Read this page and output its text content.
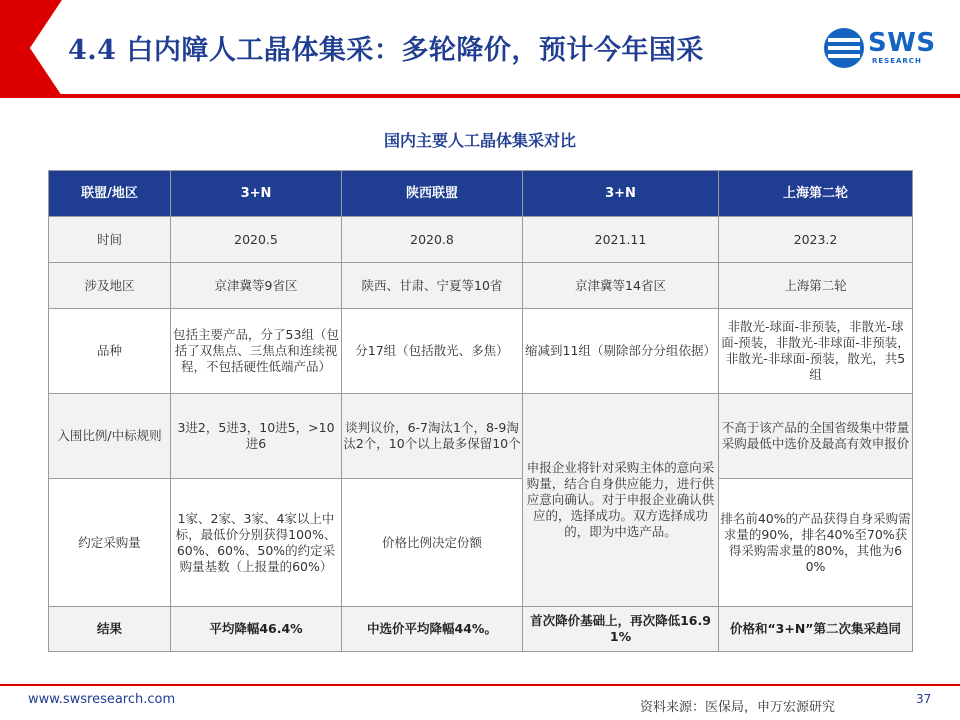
4.4 白内障人工晶体集采：多轮降价，预计今年国采	SWS
RESEARCH
国内主要人工晶体集采对比
联盟/地区	3+N	陕西联盟	3+N	上海第二轮
时间	2020.5	2020.8	2021.11	2023.2
涉及地区	京津冀等9省区	陕西、甘肃、宁夏等10省	京津冀等14省区	上海第二轮
品种	包括主要产品，分了53组（包括了双焦点、三焦点和连续视程，不包括硬性低端产品）	分17组（包括散光、多焦）	缩减到11组（剔除部分分组依据）	非散光-球面-非预装，非散光-球面-预装，非散光-非球面-非预装，非散光-非球面-预装，散光，共5组
入围比例/中标规则	3进2，5进3，10进5，>10进6	谈判议价，6-7淘汰1个，8-9淘汰2个，10个以上最多保留10个	申报企业将针对采购主体的意向采购量，结合自身供应能力，进行供应意向确认。对于申报企业确认供应的，选择成功。双方选择成功的，即为中选产品。	不高于该产品的全国省级集中带量采购最低中选价及最高有效申报价
约定采购量	1家、2家、3家、4家以上中标，最低价分别获得100%、60%、60%、50%的约定采购量基数（上报量的60%）	价格比例决定份额		排名前40%的产品获得自身采购需求量的90%，排名40%至70%获得采购需求量的80%，其他为60%
结果	平均降幅46.4%	中选价平均降幅44%。	首次降价基础上，再次降低16.91%	价格和“3+N”第二次集采趋同
www.swsresearch.com
资料来源：医保局，申万宏源研究
37
